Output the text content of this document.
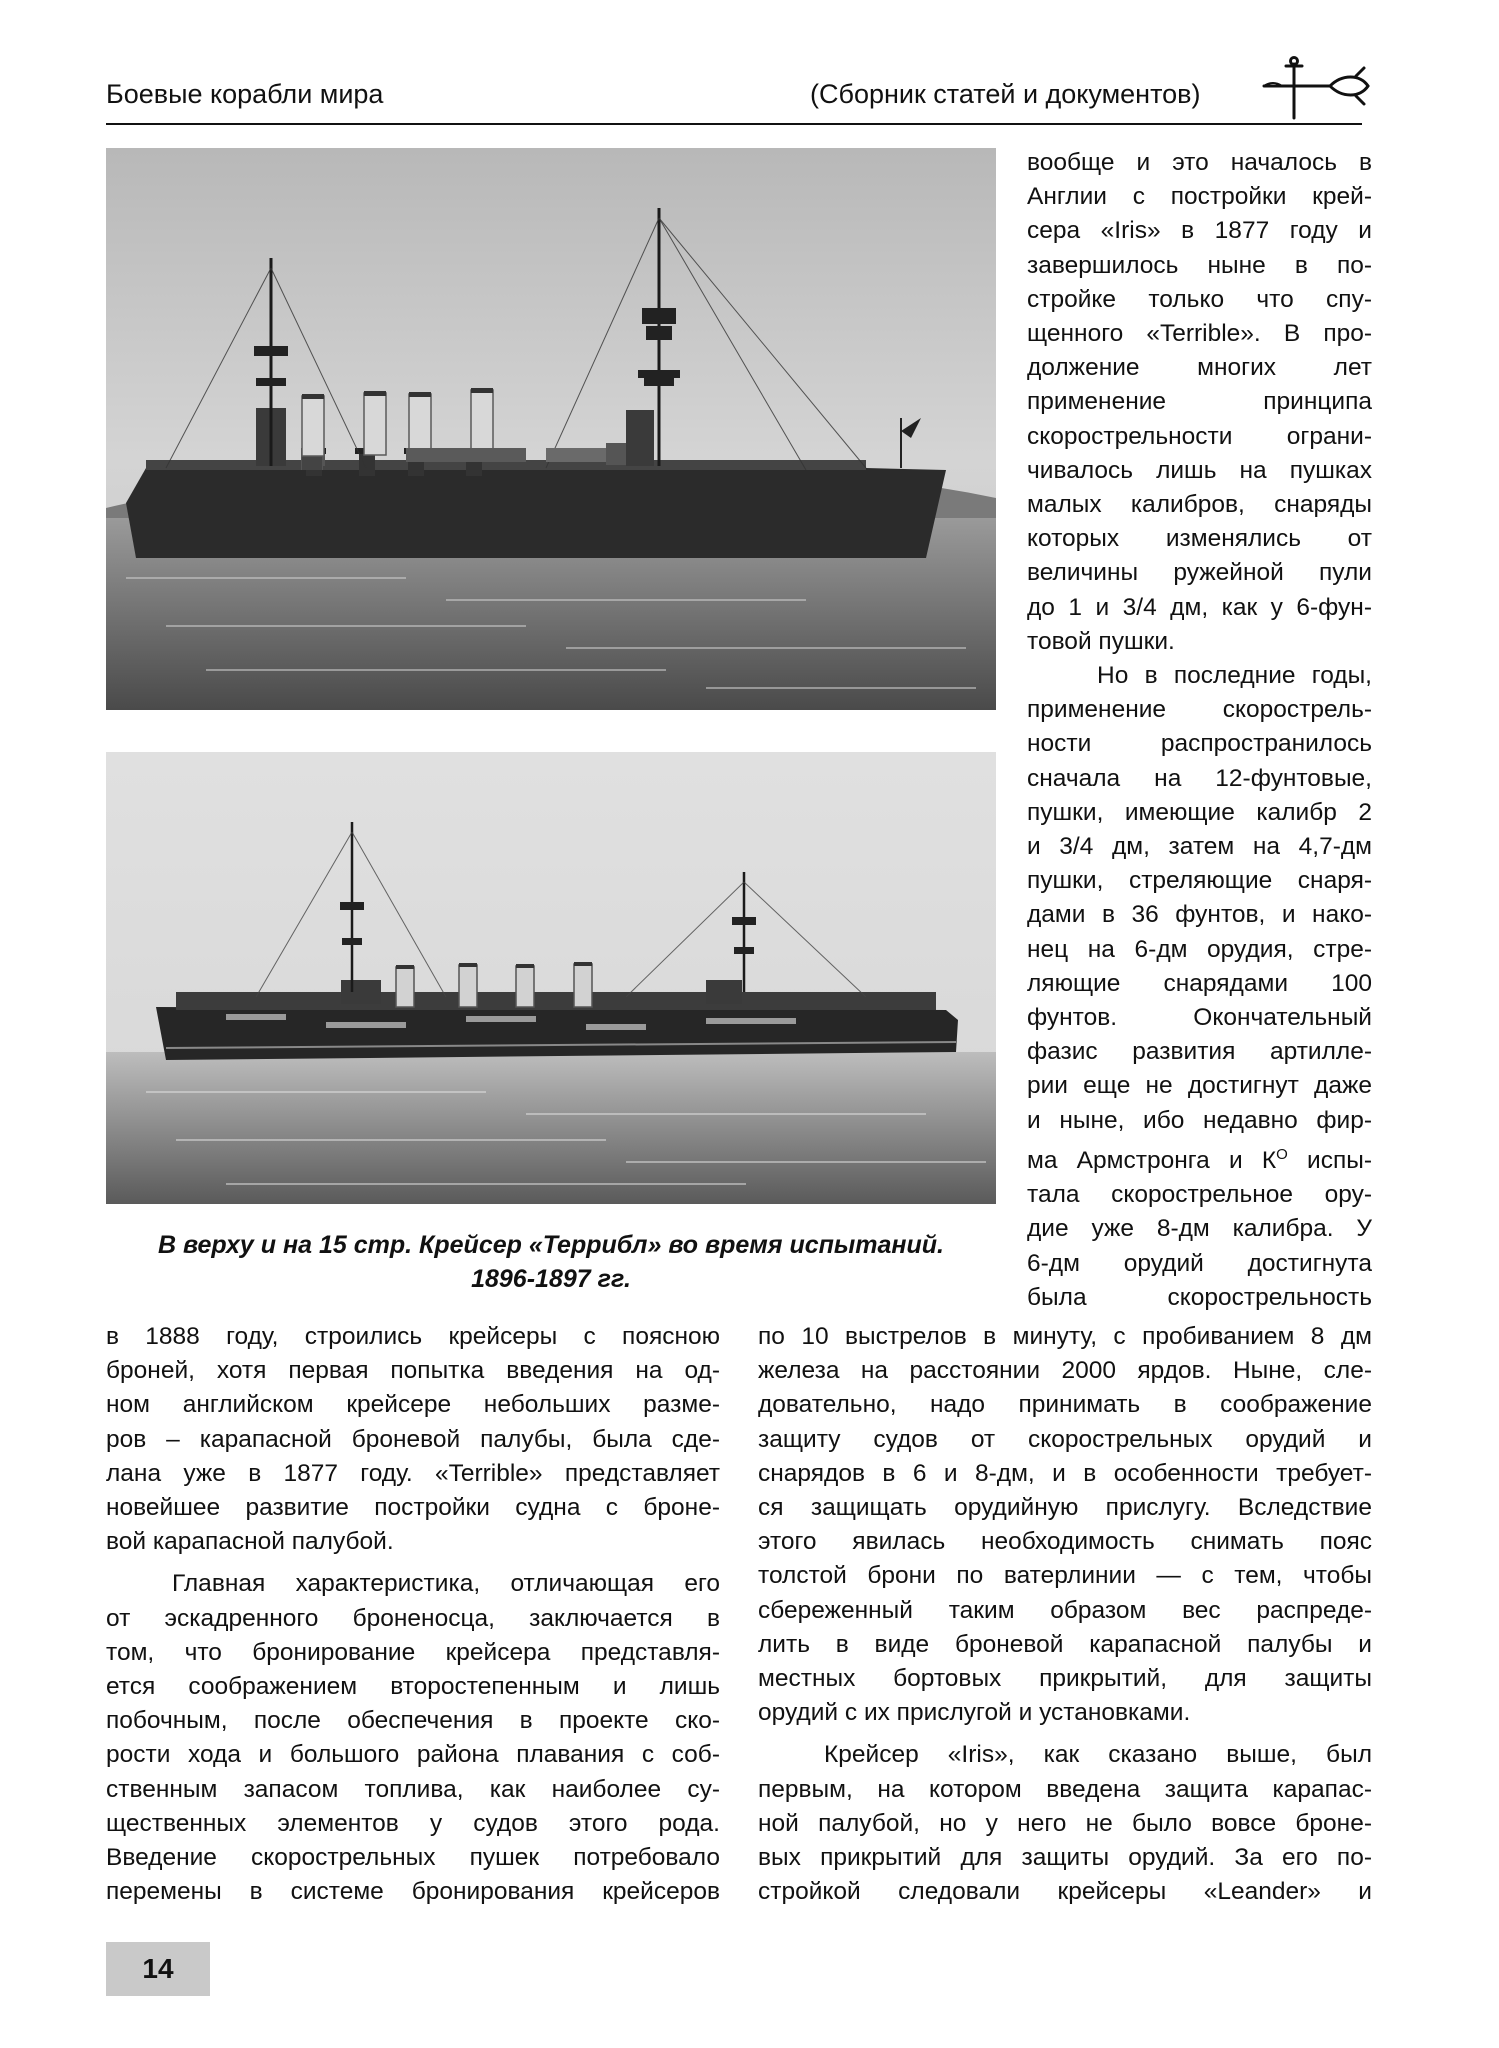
Боевые корабли мира	(Сборник статей и документов)
В верху и на 15 стр. Крейсер «Террибл» во время испытаний.
1896-1897 гг.
вообще и это началось в
Англии с постройки крей-
сера «Iris» в 1877 году и
завершилось ныне в по-
стройке только что спу-
щенного «Terrible». В про-
должение многих лет
применение принципа
скорострельности ограни-
чивалось лишь на пушках
малых калибров, снаряды
которых изменялись от
величины ружейной пули
до 1 и 3/4 дм, как у 6-фун-
товой пушки.
Но в последние годы,
применение скорострель-
ности распространилось
сначала на 12-фунтовые,
пушки, имеющие калибр 2
и 3/4 дм, затем на 4,7-дм
пушки, стреляющие снаря-
дами в 36 фунтов, и нако-
нец на 6-дм орудия, стре-
ляющие снарядами 100
фунтов. Окончательный
фазис развития артилле-
рии еще не достигнут даже
и ныне, ибо недавно фир-
ма Армстронга и $К^О$ испы-
тала скорострельное ору-
дие уже 8-дм калибра. У
6-дм орудий достигнута
была скорострельность
в 1888 году, строились крейсеры с поясною
броней, хотя первая попытка введения на од-
ном английском крейсере небольших разме-
ров – карапасной броневой палубы, была сде-
лана уже в 1877 году. «Terrible» представляет
новейшее развитие постройки судна с броне-
вой карапасной палубой.
Главная характеристика, отличающая его
от эскадренного броненосца, заключается в
том, что бронирование крейсера представля-
ется соображением второстепенным и лишь
побочным, после обеспечения в проекте ско-
рости хода и большого района плавания с соб-
ственным запасом топлива, как наиболее су-
щественных элементов у судов этого рода.
Введение скорострельных пушек потребовало
перемены в системе бронирования крейсеров
по 10 выстрелов в минуту, с пробиванием 8 дм
железа на расстоянии 2000 ярдов. Ныне, сле-
довательно, надо принимать в соображение
защиту судов от скорострельных орудий и
снарядов в 6 и 8-дм, и в особенности требует-
ся защищать орудийную прислугу. Вследствие
этого явилась необходимость снимать пояс
толстой брони по ватерлинии — с тем, чтобы
сбереженный таким образом вес распреде-
лить в виде броневой карапасной палубы и
местных бортовых прикрытий, для защиты
орудий с их прислугой и установками.
Крейсер «Iris», как сказано выше, был
первым, на котором введена защита карапас-
ной палубой, но у него не было вовсе броне-
вых прикрытий для защиты орудий. За его по-
стройкой следовали крейсеры «Leander» и
14
